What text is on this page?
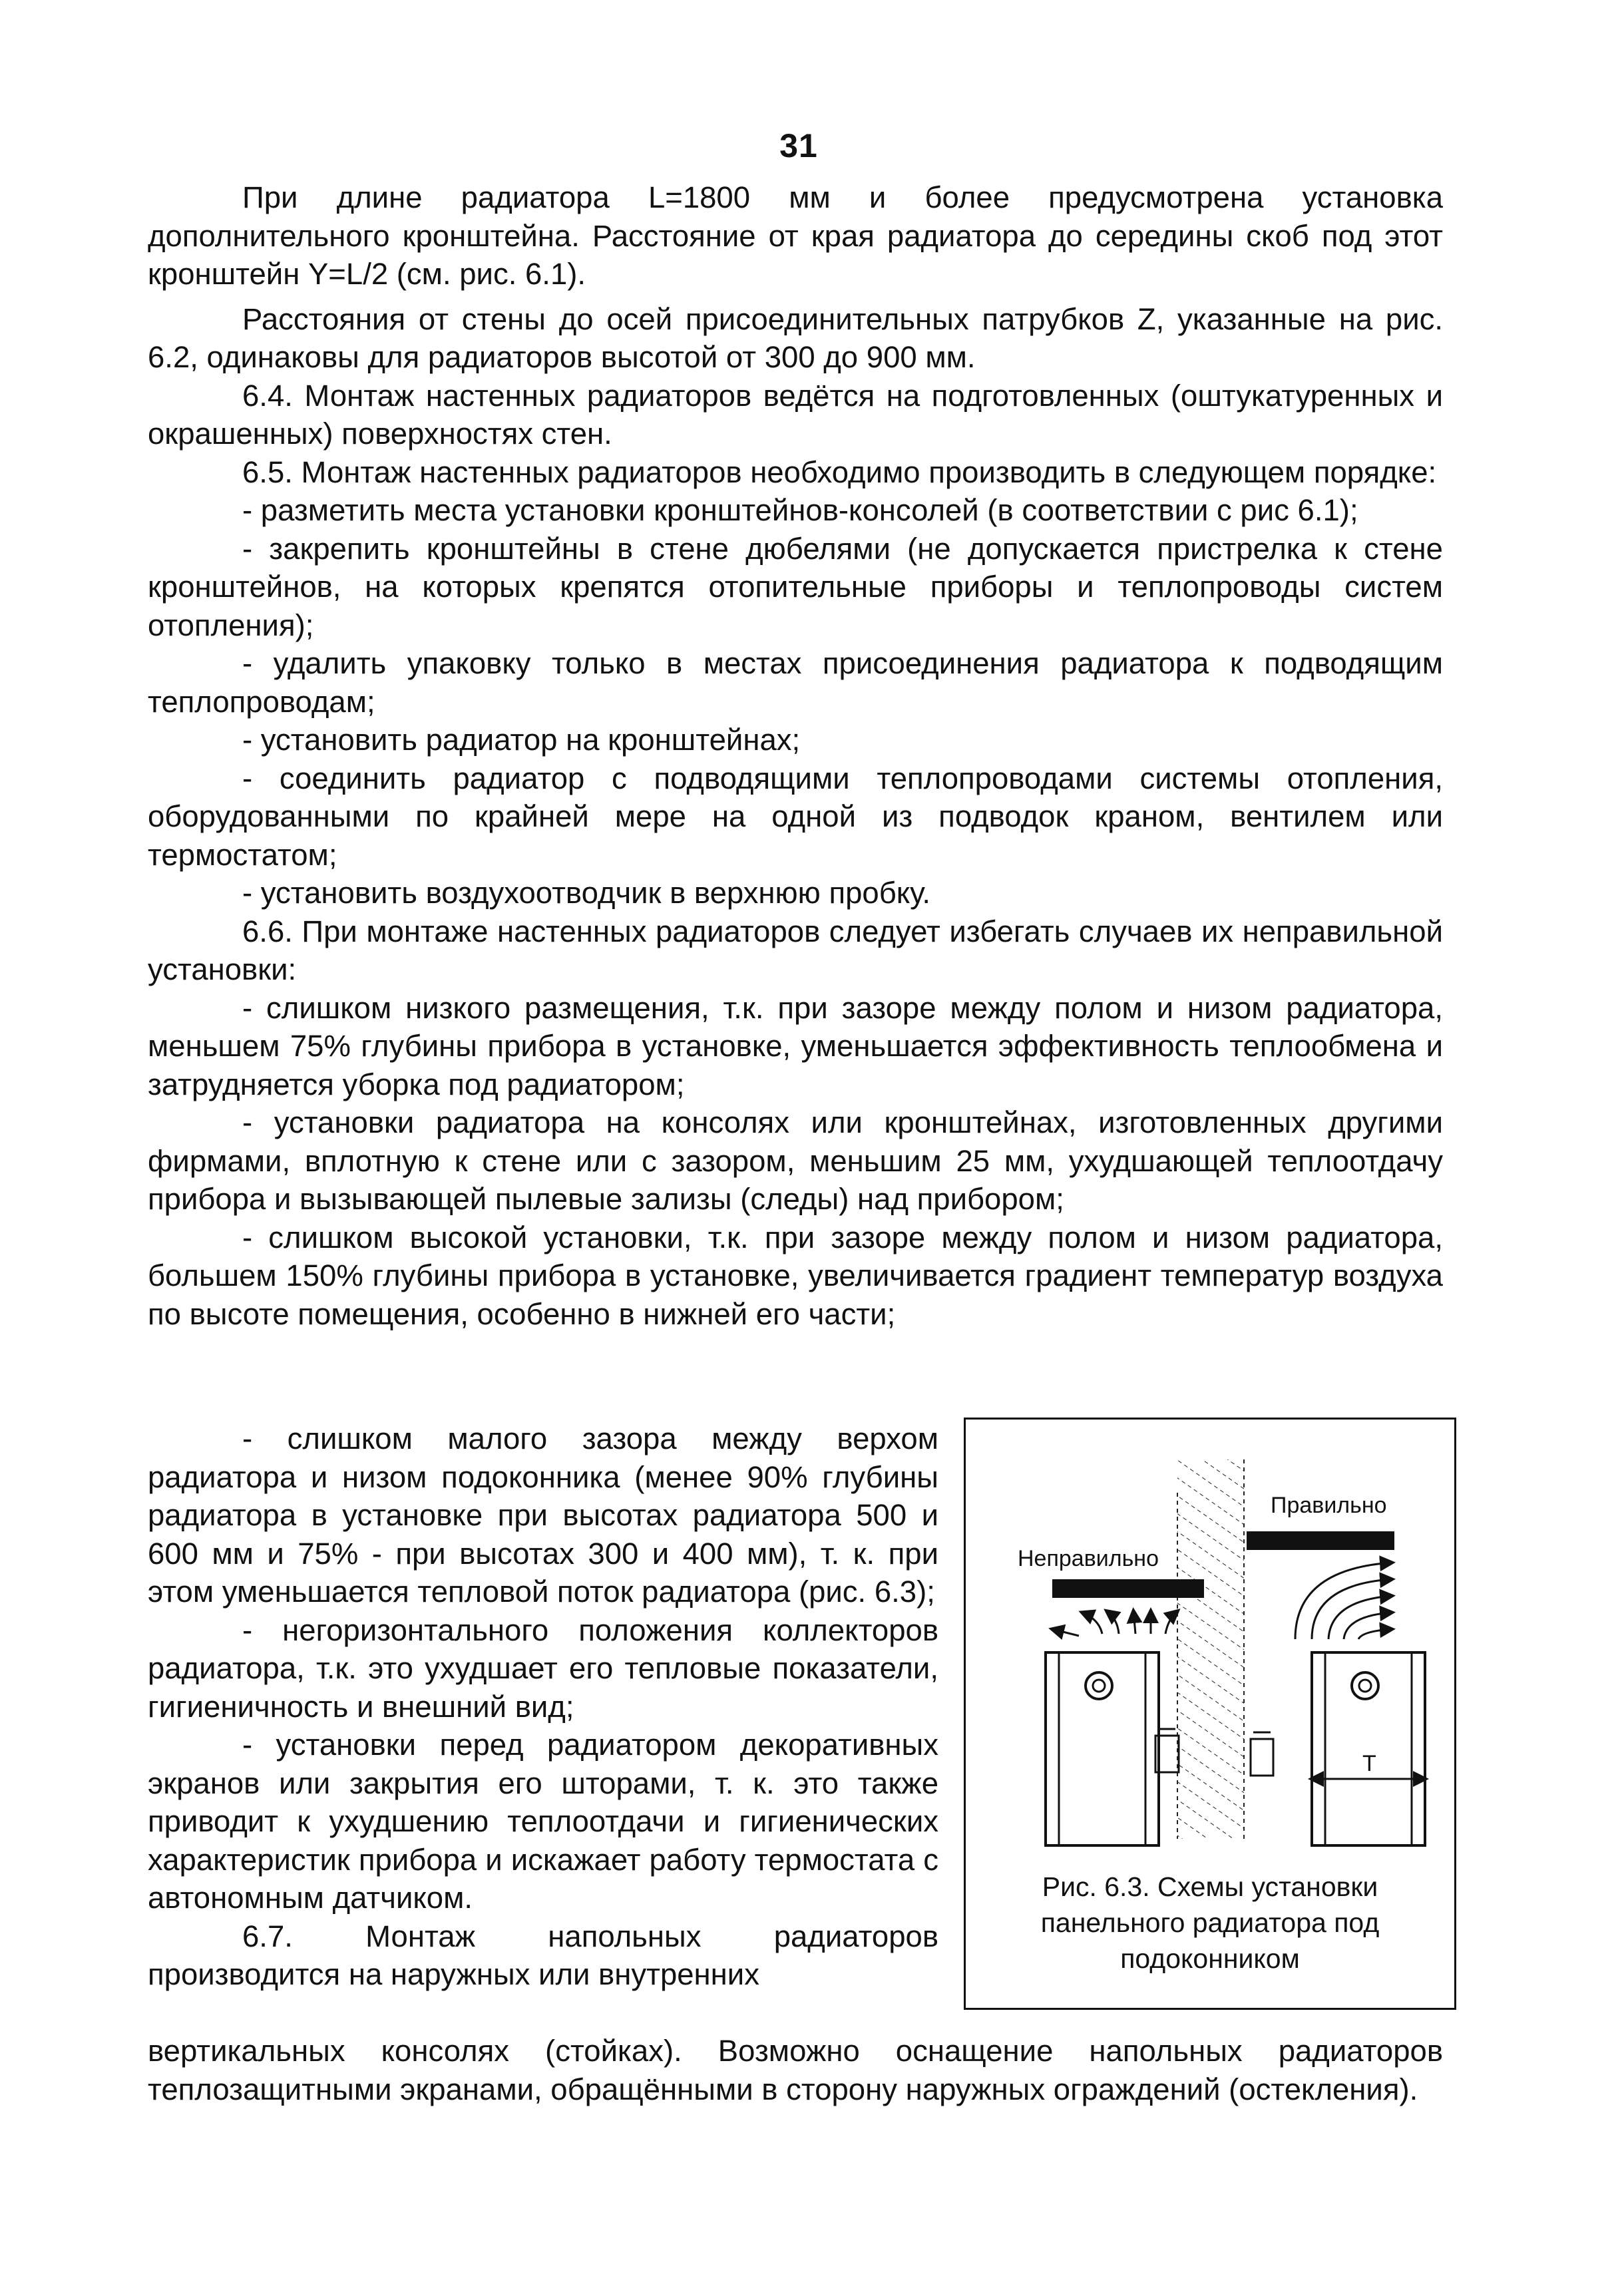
31

При длине радиатора L=1800 мм и более предусмотрена установка дополнительного кронштейна. Расстояние от края радиатора до середины скоб под этот кронштейн Y=L/2 (см. рис. 6.1).

Расстояния от стены до осей присоединительных патрубков Z, указанные на рис. 6.2, одинаковы для радиаторов высотой от 300 до 900 мм.

6.4. Монтаж настенных радиаторов ведётся на подготовленных (оштукатуренных и окрашенных) поверхностях стен.

6.5. Монтаж настенных радиаторов необходимо производить в следующем порядке:

- разметить места установки кронштейнов-консолей (в соответствии с рис 6.1);

- закрепить кронштейны в стене дюбелями (не допускается пристрелка к стене кронштейнов, на которых крепятся отопительные приборы и теплопроводы систем отопления);

- удалить упаковку только в местах присоединения радиатора к подводящим теплопроводам;

- установить радиатор на кронштейнах;

- соединить радиатор с подводящими теплопроводами системы отопления, оборудованными по крайней мере на одной из подводок краном, вентилем или термостатом;

- установить воздухоотводчик в верхнюю пробку.

6.6. При монтаже настенных радиаторов следует избегать случаев их неправильной установки:

- слишком низкого размещения, т.к. при зазоре между полом и низом радиатора, меньшем 75% глубины прибора в установке, уменьшается эффективность теплообмена и затрудняется уборка под радиатором;

- установки радиатора на консолях или кронштейнах, изготовленных другими фирмами, вплотную к стене или с зазором, меньшим 25 мм, ухудшающей теплоотдачу прибора и вызывающей пылевые зализы (следы) над прибором;

- слишком высокой установки, т.к. при зазоре между полом и низом радиатора, большем 150% глубины прибора в установке, увеличивается градиент температур воздуха по высоте помещения, особенно в нижней его части;

- слишком малого зазора между верхом радиатора и низом подоконника (менее 90% глубины радиатора в установке при высотах радиатора 500 и 600 мм и 75% - при высотах 300 и 400 мм), т. к. при этом уменьшается тепловой поток радиатора (рис. 6.3);

- негоризонтального положения коллекторов радиатора, т.к. это ухудшает его тепловые показатели, гигиеничность и внешний вид;

- установки перед радиатором декоративных экранов или закрытия его шторами, т. к. это также приводит к ухудшению теплоотдачи и гигиенических характеристик прибора и искажает работу термостата с автономным датчиком.

6.7. Монтаж напольных радиаторов производится на наружных или внутренних

вертикальных консолях (стойках). Возможно оснащение напольных радиаторов теплозащитными экранами, обращёнными в сторону наружных ограждений (остекления).

Неправильно
Правильно
T
Рис. 6.3. Схемы установки
панельного радиатора под
подоконником
